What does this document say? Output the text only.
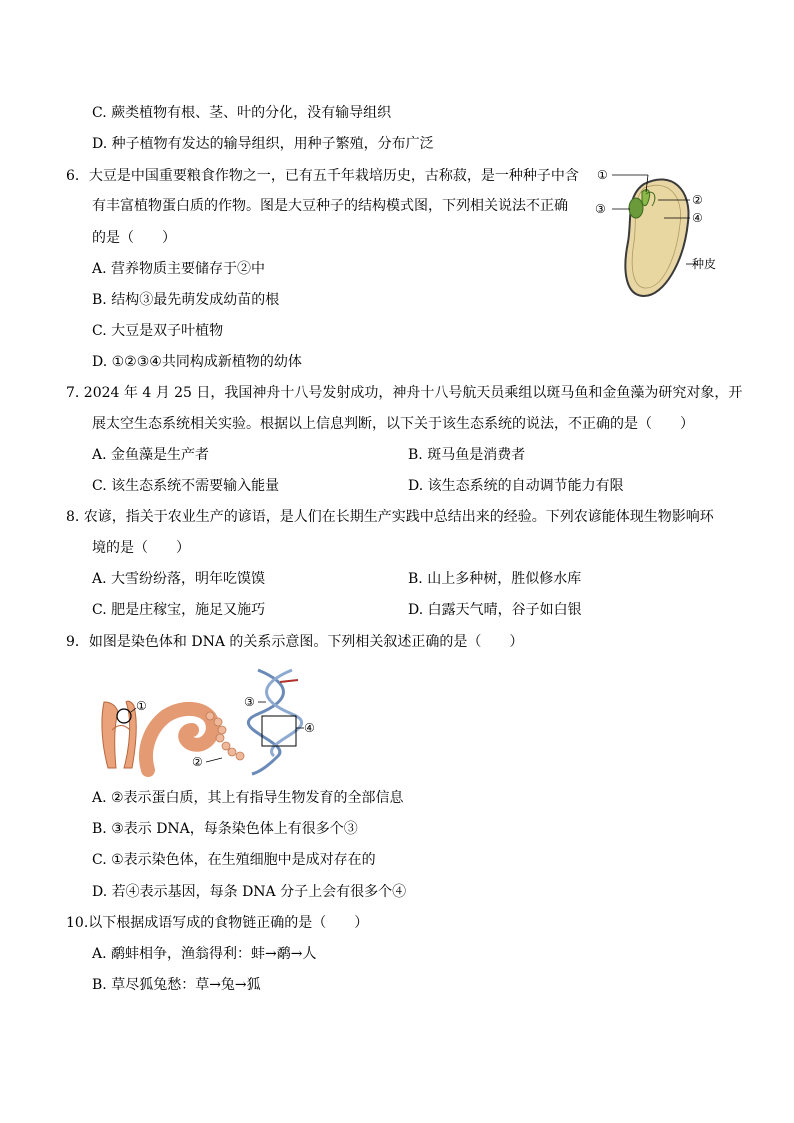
C. 蕨类植物有根、茎、叶的分化，没有输导组织
D. 种子植物有发达的输导组织，用种子繁殖，分布广泛
6．大豆是中国重要粮食作物之一，已有五千年栽培历史，古称菽，是一种种子中含
有丰富植物蛋白质的作物。图是大豆种子的结构模式图，下列相关说法不正确
的是（　　）
A. 营养物质主要储存于②中
B. 结构③最先萌发成幼苗的根
C. 大豆是双子叶植物
D. ①②③④共同构成新植物的幼体
①
②
③
④
种皮
7. 2024 年 4 月 25 日，我国神舟十八号发射成功，神舟十八号航天员乘组以斑马鱼和金鱼藻为研究对象，开
展太空生态系统相关实验。根据以上信息判断，以下关于该生态系统的说法，不正确的是（　　）
A. 金鱼藻是生产者	B. 斑马鱼是消费者
C. 该生态系统不需要输入能量	D. 该生态系统的自动调节能力有限
8. 农谚，指关于农业生产的谚语，是人们在长期生产实践中总结出来的经验。下列农谚能体现生物影响环
境的是（　　）
A. 大雪纷纷落，明年吃馍馍	B. 山上多种树，胜似修水库
C. 肥是庄稼宝，施足又施巧	D. 白露天气晴，谷子如白银
9．如图是染色体和 DNA 的关系示意图。下列相关叙述正确的是（　　）
①
②
④
③
A. ②表示蛋白质，其上有指导生物发育的全部信息
B. ③表示 DNA，每条染色体上有很多个③
C. ①表示染色体，在生殖细胞中是成对存在的
D. 若④表示基因，每条 DNA 分子上会有很多个④
10.以下根据成语写成的食物链正确的是（　　）
A. 鹬蚌相争，渔翁得利：蚌→鹬→人
B. 草尽狐兔愁：草→兔→狐
